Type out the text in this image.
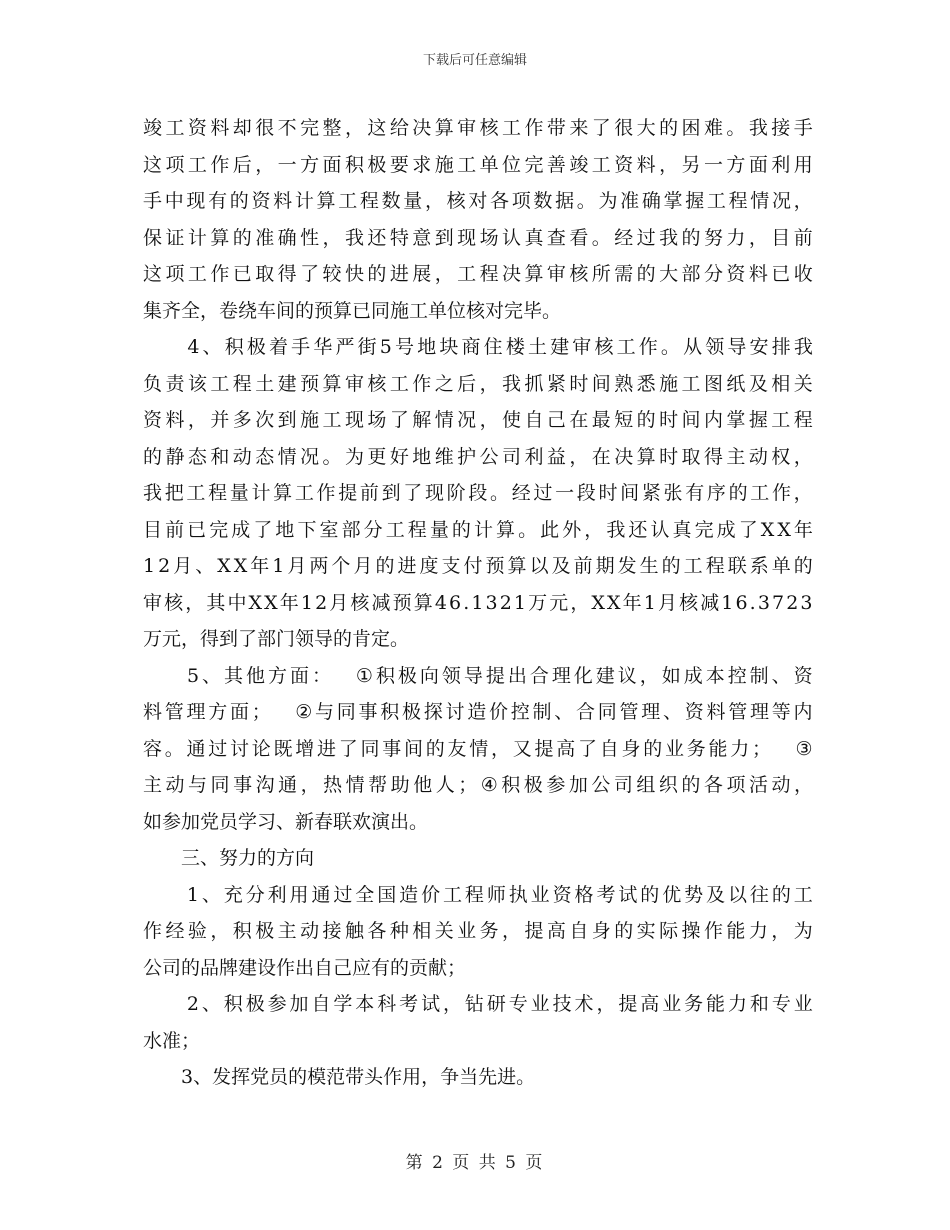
下载后可任意编辑
竣 工 资 料 却 很 不 完 整 ， 这 给 决 算 审 核 工 作 带 来 了 很 大 的 困 难 。 我 接 手
这 项 工 作 后 ， 一 方 面 积 极 要 求 施 工 单 位 完 善 竣 工 资 料 ， 另 一 方 面 利 用
手 中 现 有 的 资 料 计 算 工 程 数 量 ， 核 对 各 项 数 据 。 为 准 确 掌 握 工 程 情 况 ，
保 证 计 算 的 准 确 性 ， 我 还 特 意 到 现 场 认 真 查 看 。 经 过 我 的 努 力 ， 目 前
这 项 工 作 已 取 得 了 较 快 的 进 展 ， 工 程 决 算 审 核 所 需 的 大 部 分 资 料 已 收
集齐全，卷绕车间的预算已同施工单位核对完毕。

4 、 积 极 着 手 华 严 街 5 号 地 块 商 住 楼 土 建 审 核 工 作 。 从 领 导 安 排 我
负 责 该 工 程 土 建 预 算 审 核 工 作 之 后 ， 我 抓 紧 时 间 熟 悉 施 工 图 纸 及 相 关
资 料 ， 并 多 次 到 施 工 现 场 了 解 情 况 ， 使 自 己 在 最 短 的 时 间 内 掌 握 工 程
的 静 态 和 动 态 情 况 。 为 更 好 地 维 护 公 司 利 益 ， 在 决 算 时 取 得 主 动 权 ，
我 把 工 程 量 计 算 工 作 提 前 到 了 现 阶 段 。 经 过 一 段 时 间 紧 张 有 序 的 工 作 ，
目 前 已 完 成 了 地 下 室 部 分 工 程 量 的 计 算 。 此 外 ， 我 还 认 真 完 成 了 X X 年
1 2 月 、 X X 年 1 月 两 个 月 的 进 度 支 付 预 算 以 及 前 期 发 生 的 工 程 联 系 单 的
审 核 ， 其 中 X X 年 1 2 月 核 减 预 算 4 6 . 1 3 2 1 万 元 ， X X 年 1 月 核 减 1 6 . 3 7 2 3
万元，得到了部门领导的肯定。

5 、 其 他 方 面 ：
　 ① 积 极 向 领 导 提 出 合 理 化 建 议 ， 如 成 本 控 制 、 资
料 管 理 方 面 ；
　 ② 与 同 事 积 极 探 讨 造 价 控 制 、 合 同 管 理 、 资 料 管 理 等 内
容 。 通 过 讨 论 既 增 进 了 同 事 间 的 友 情 ， 又 提 高 了 自 身 的 业 务 能 力 ；
　 ③
主 动 与 同 事 沟 通 ， 热 情 帮 助 他 人 ； ④ 积 极 参 加 公 司 组 织 的 各 项 活 动 ，
如参加党员学习、新春联欢演出。
　　三、努力的方向

1 、 充 分 利 用 通 过 全 国 造 价 工 程 师 执 业 资 格 考 试 的 优 势 及 以 往 的 工
作 经 验 ， 积 极 主 动 接 触 各 种 相 关 业 务 ， 提 高 自 身 的 实 际 操 作 能 力 ， 为
公司的品牌建设作出自己应有的贡献；

2 、 积 极 参 加 自 学 本 科 考 试 ， 钻 研 专 业 技 术 ， 提 高 业 务 能 力 和 专 业
水准；
　　3、发挥党员的模范带头作用，争当先进。
第 2 页 共 5 页
